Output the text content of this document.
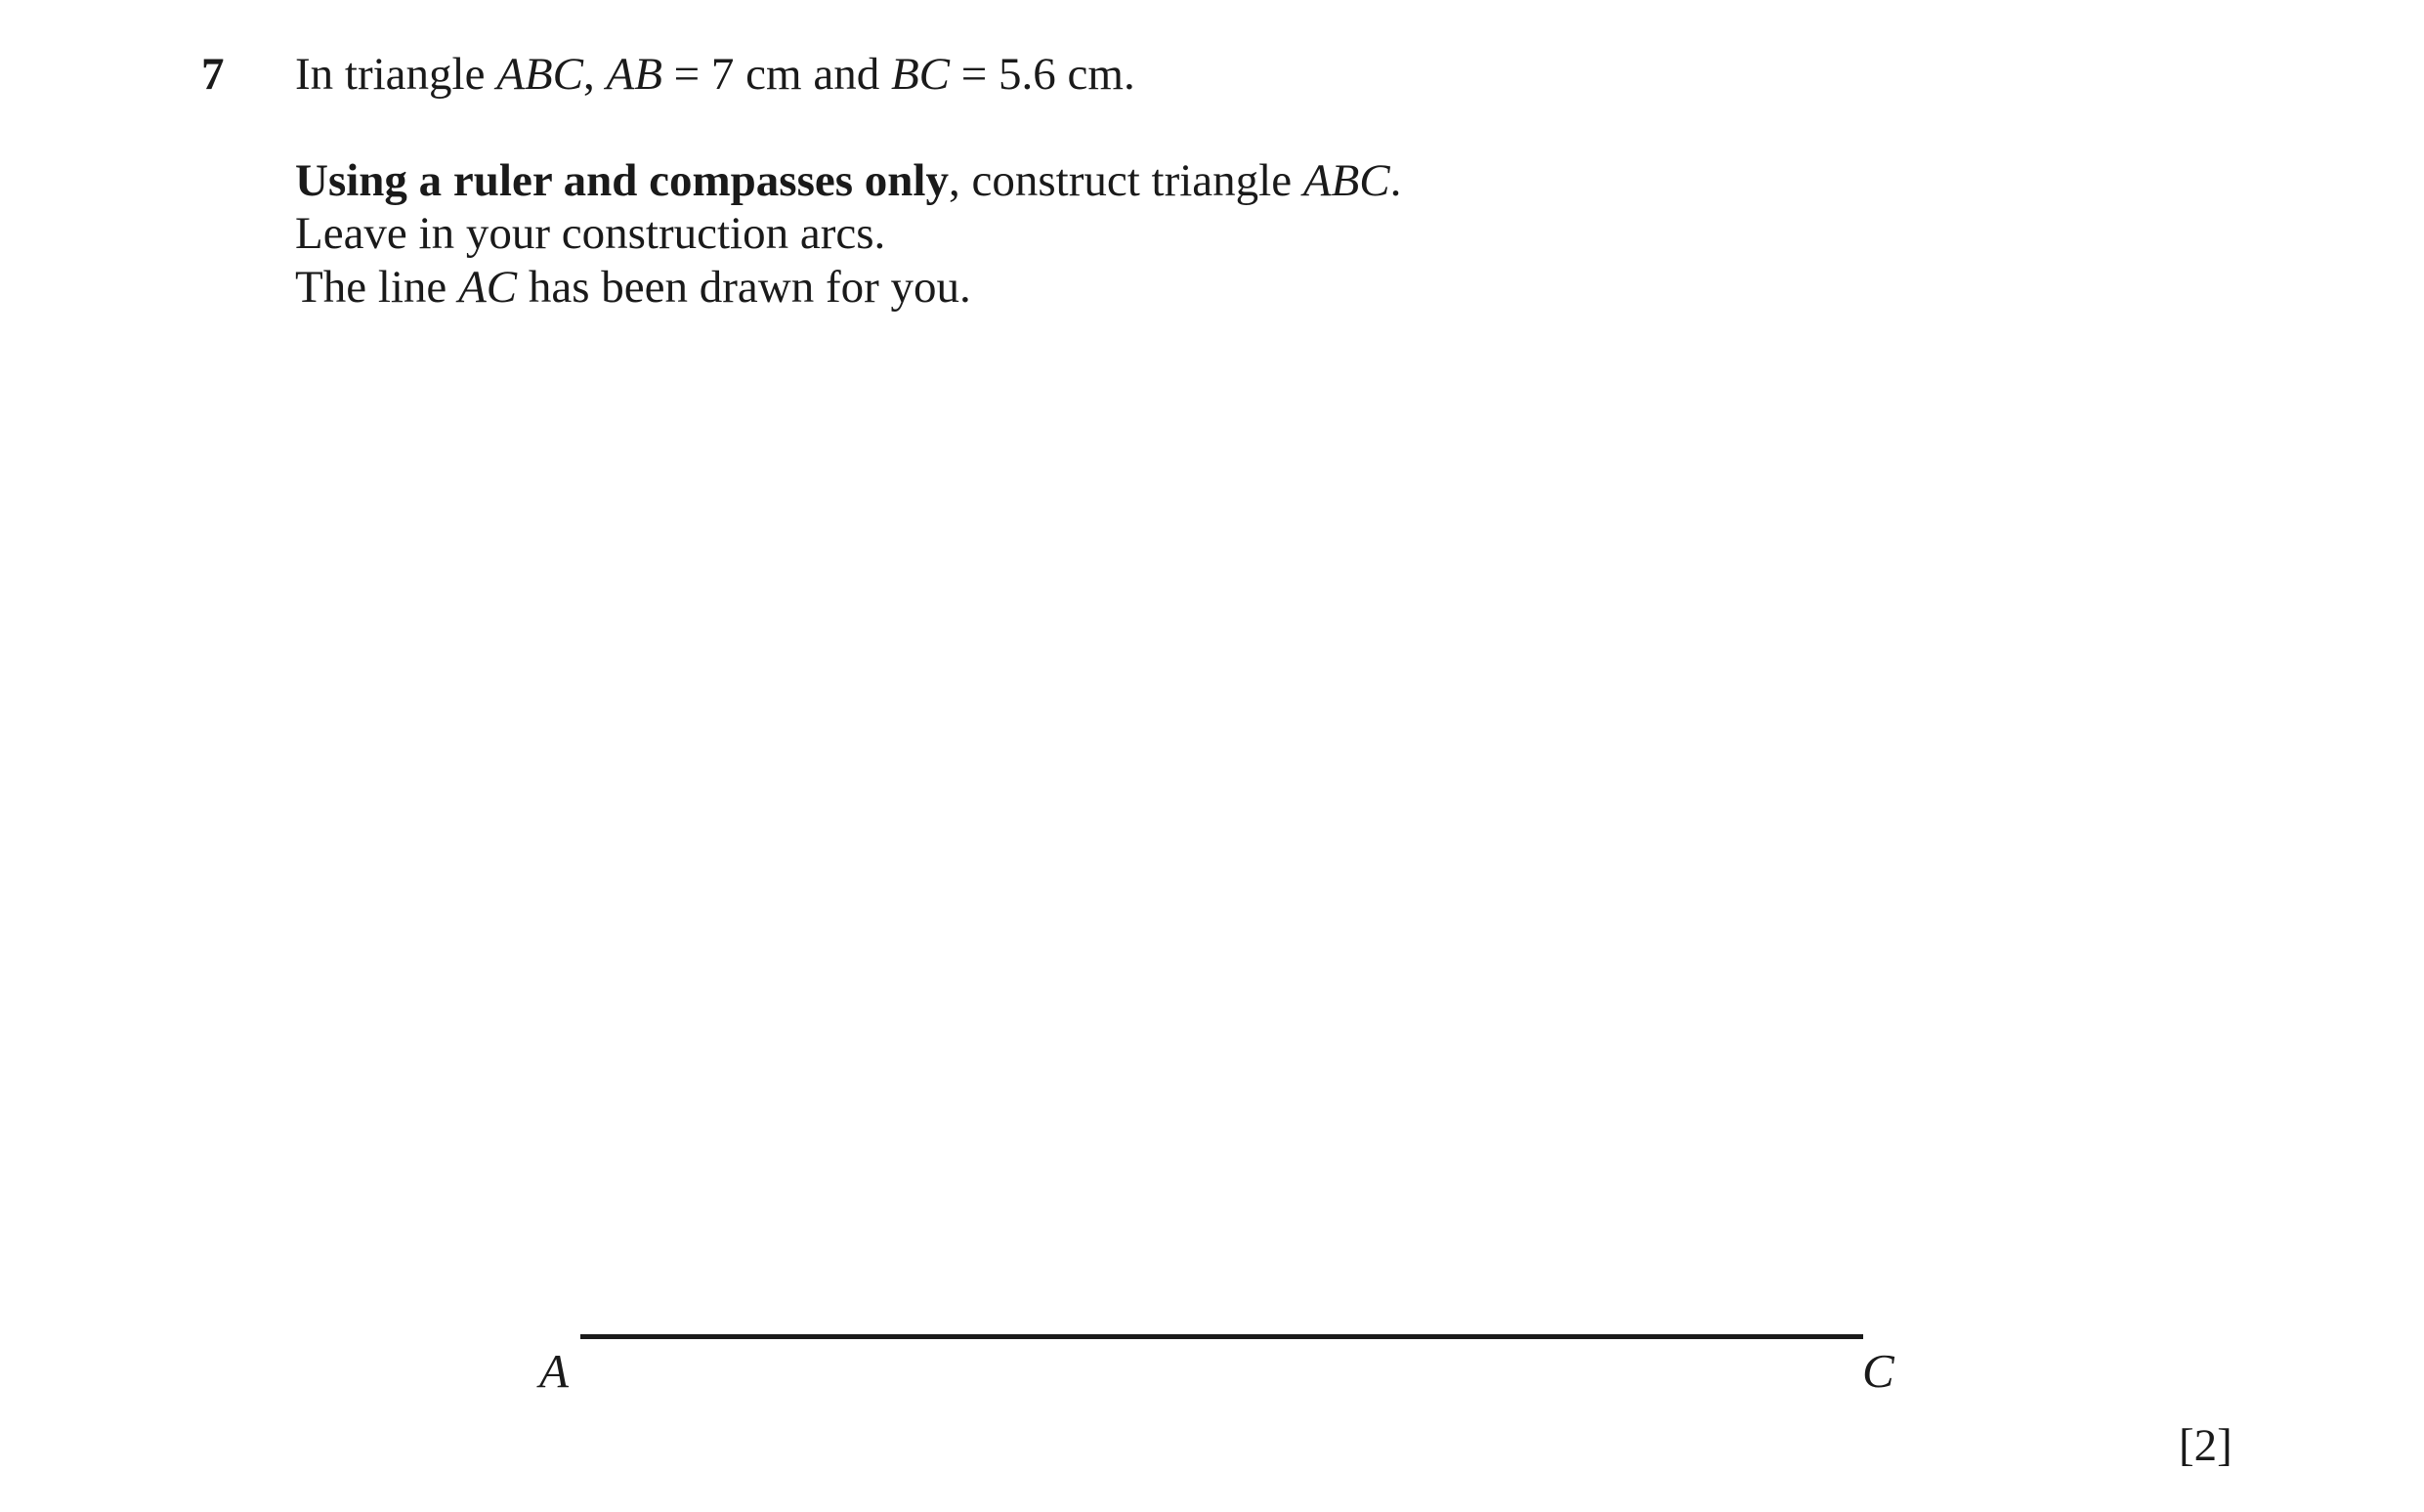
7 In triangle ABC, AB = 7 cm and BC = 5.6 cm.
Using a ruler and compasses only, construct triangle ABC.
Leave in your construction arcs.
The line AC has been drawn for you.
A	C
[2]
